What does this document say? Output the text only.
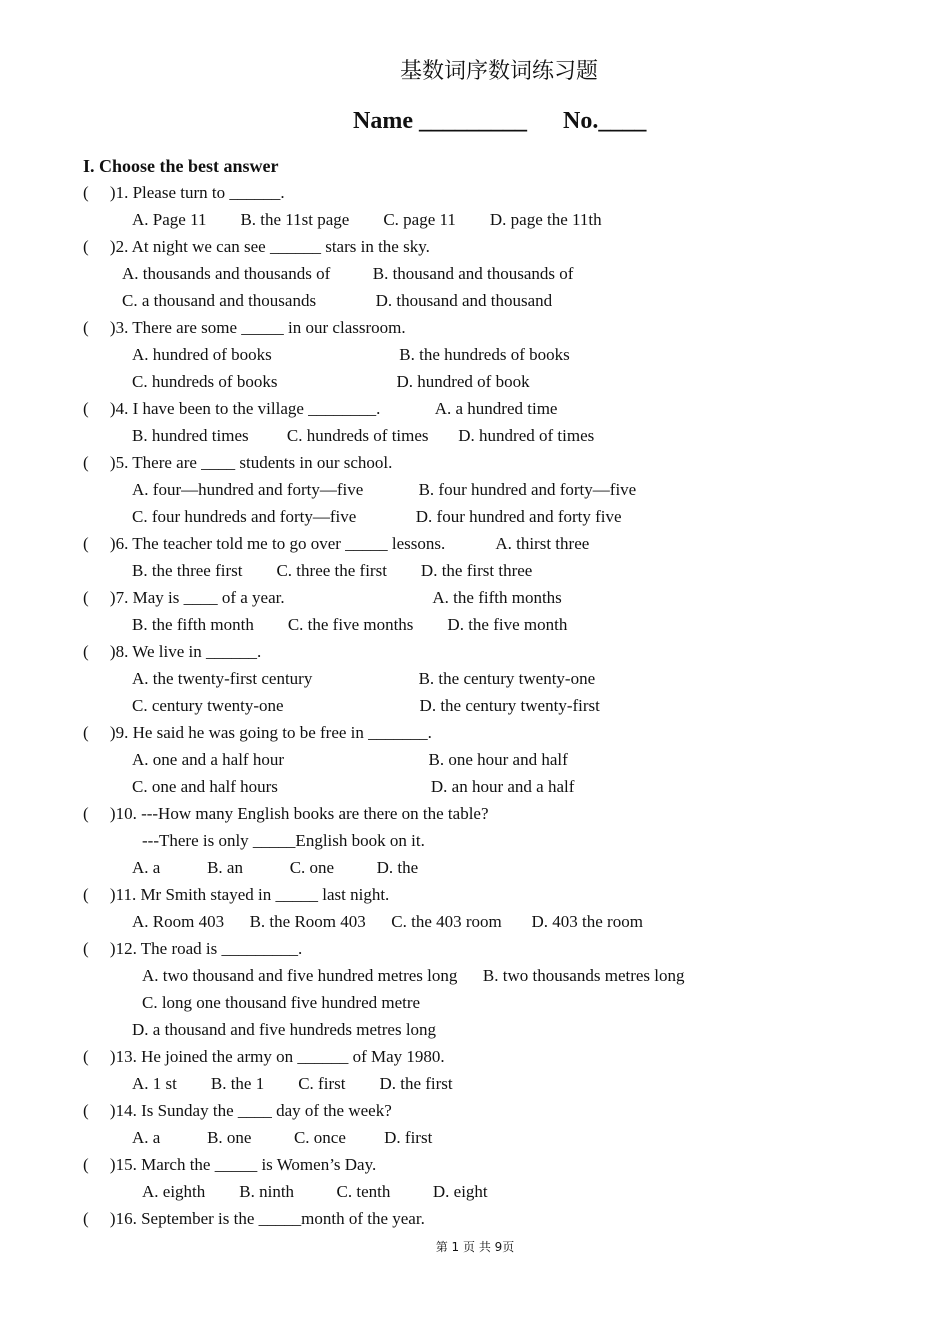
基数词序数词练习题
Name _________ No.____
I. Choose the best answer
(     )1. Please turn to ______.
A. Page 11        B. the 11st page        C. page 11        D. page the 11th
(     )2. At night we can see ______ stars in the sky.
A. thousands and thousands of          B. thousand and thousands of
C. a thousand and thousands              D. thousand and thousand
(     )3. There are some _____ in our classroom.
A. hundred of books                              B. the hundreds of books
C. hundreds of books                            D. hundred of book
(     )4. I have been to the village ________.             A. a hundred time
B. hundred times         C. hundreds of times       D. hundred of times
(     )5. There are ____ students in our school.
A. four—hundred and forty—five             B. four hundred and forty—five
C. four hundreds and forty—five              D. four hundred and forty five
(     )6. The teacher told me to go over _____ lessons.            A. thirst three
B. the three first        C. three the first        D. the first three
(     )7. May is ____ of a year.                                   A. the fifth months
B. the fifth month        C. the five months        D. the five month
(     )8. We live in ______.
A. the twenty-first century                         B. the century twenty-one
C. century twenty-one                                D. the century twenty-first
(     )9. He said he was going to be free in _______.
A. one and a half hour                                  B. one hour and half
C. one and half hours                                    D. an hour and a half
(     )10. ---How many English books are there on the table?
---There is only _____English book on it.
A. a           B. an           C. one          D. the
(     )11. Mr Smith stayed in _____ last night.
A. Room 403      B. the Room 403      C. the 403 room       D. 403 the room
(     )12. The road is _________.
A. two thousand and five hundred metres long      B. two thousands metres long
C. long one thousand five hundred metre
D. a thousand and five hundreds metres long
(     )13. He joined the army on ______ of May 1980.
A. 1 st        B. the 1        C. first        D. the first
(     )14. Is Sunday the ____ day of the week?
A. a           B. one          C. once         D. first
(     )15. March the _____ is Women’s Day.
A. eighth        B. ninth          C. tenth          D. eight
(     )16. September is the _____month of the year.
第 1 页 共 9页
